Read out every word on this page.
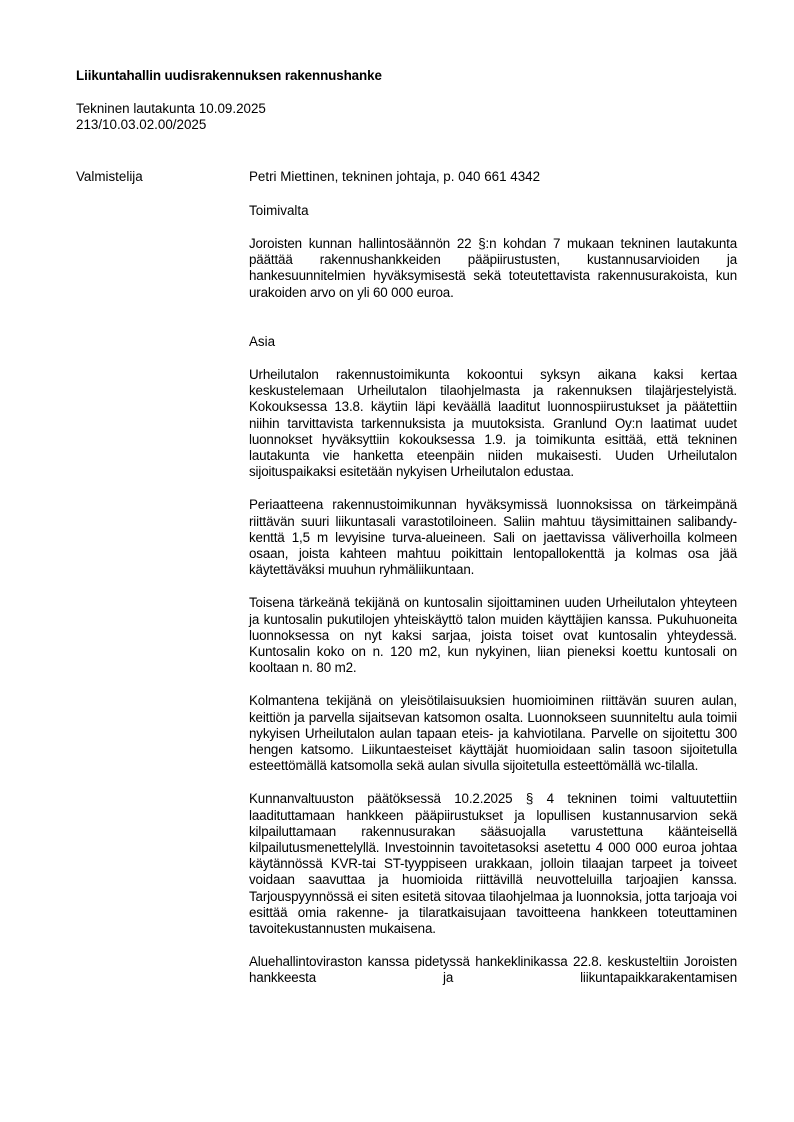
Liikuntahallin uudisrakennuksen rakennushanke
Tekninen lautakunta 10.09.2025
213/10.03.02.00/2025
Valmistelija	Petri Miettinen, tekninen johtaja, p. 040 661 4342
Toimivalta

Joroisten kunnan hallintosäännön 22 §:n kohdan 7 mukaan tekninen lautakunta päättää rakennushankkeiden pääpiirustusten, kustannusarvioiden ja hankesuunnitelmien hyväksymisestä sekä toteutettavista rakennusurakoista, kun urakoiden arvo on yli 60 000 euroa.

Asia

Urheilutalon rakennustoimikunta kokoontui syksyn aikana kaksi kertaa keskustelemaan Urheilutalon tilaohjelmasta ja rakennuksen tilajärjestelyistä. Kokouksessa 13.8. käytiin läpi keväällä laaditut luonnospiirustukset ja päätettiin niihin tarvittavista tarkennuksista ja muutoksista. Granlund Oy:n laatimat uudet luonnokset hyväksyttiin kokouksessa 1.9. ja toimikunta esittää, että tekninen lautakunta vie hanketta eteenpäin niiden mukaisesti. Uuden Urheilutalon sijoituspaikaksi esitetään nykyisen Urheilutalon edustaa.

Periaatteena rakennustoimikunnan hyväksymissä luonnoksissa on tärkeimpänä riittävän suuri liikuntasali varastotiloineen. Saliin mahtuu täysimittainen salibandy-kenttä 1,5 m levyisine turva-alueineen. Sali on jaettavissa väliverhoilla kolmeen osaan, joista kahteen mahtuu poikittain lentopallokenttä ja kolmas osa jää käytettäväksi muuhun ryhmäliikuntaan.

Toisena tärkeänä tekijänä on kuntosalin sijoittaminen uuden Urheilutalon yhteyteen ja kuntosalin pukutilojen yhteiskäyttö talon muiden käyttäjien kanssa. Pukuhuoneita luonnoksessa on nyt kaksi sarjaa, joista toiset ovat kuntosalin yhteydessä. Kuntosalin koko on n. 120 m2, kun nykyinen, liian pieneksi koettu kuntosali on kooltaan n. 80 m2.

Kolmantena tekijänä on yleisötilaisuuksien huomioiminen riittävän suuren aulan, keittiön ja parvella sijaitsevan katsomon osalta. Luonnokseen suunniteltu aula toimii nykyisen Urheilutalon aulan tapaan eteis- ja kahviotilana. Parvelle on sijoitettu 300 hengen katsomo. Liikuntaesteiset käyttäjät huomioidaan salin tasoon sijoitetulla esteettömällä katsomolla sekä aulan sivulla sijoitetulla esteettömällä wc-tilalla.

Kunnanvaltuuston päätöksessä 10.2.2025 § 4 tekninen toimi valtuutettiin laadituttamaan hankkeen pääpiirustukset ja lopullisen kustannusarvion sekä kilpailuttamaan rakennusurakan sääsuojalla varustettuna käänteisellä kilpailutusmenettelyllä. Investoinnin tavoitetasoksi asetettu 4 000 000 euroa johtaa käytännössä KVR-tai ST-tyyppiseen urakkaan, jolloin tilaajan tarpeet ja toiveet voidaan saavuttaa ja huomioida riittävillä neuvotteluilla tarjoajien kanssa. Tarjouspyynnössä ei siten esitetä sitovaa tilaohjelmaa ja luonnoksia, jotta tarjoaja voi esittää omia rakenne- ja tilaratkaisujaan tavoitteena hankkeen toteuttaminen tavoitekustannusten mukaisena.

Aluehallintoviraston kanssa pidetyssä hankeklinikassa 22.8. keskusteltiin Joroisten hankkeesta ja liikuntapaikkarakentamisen
